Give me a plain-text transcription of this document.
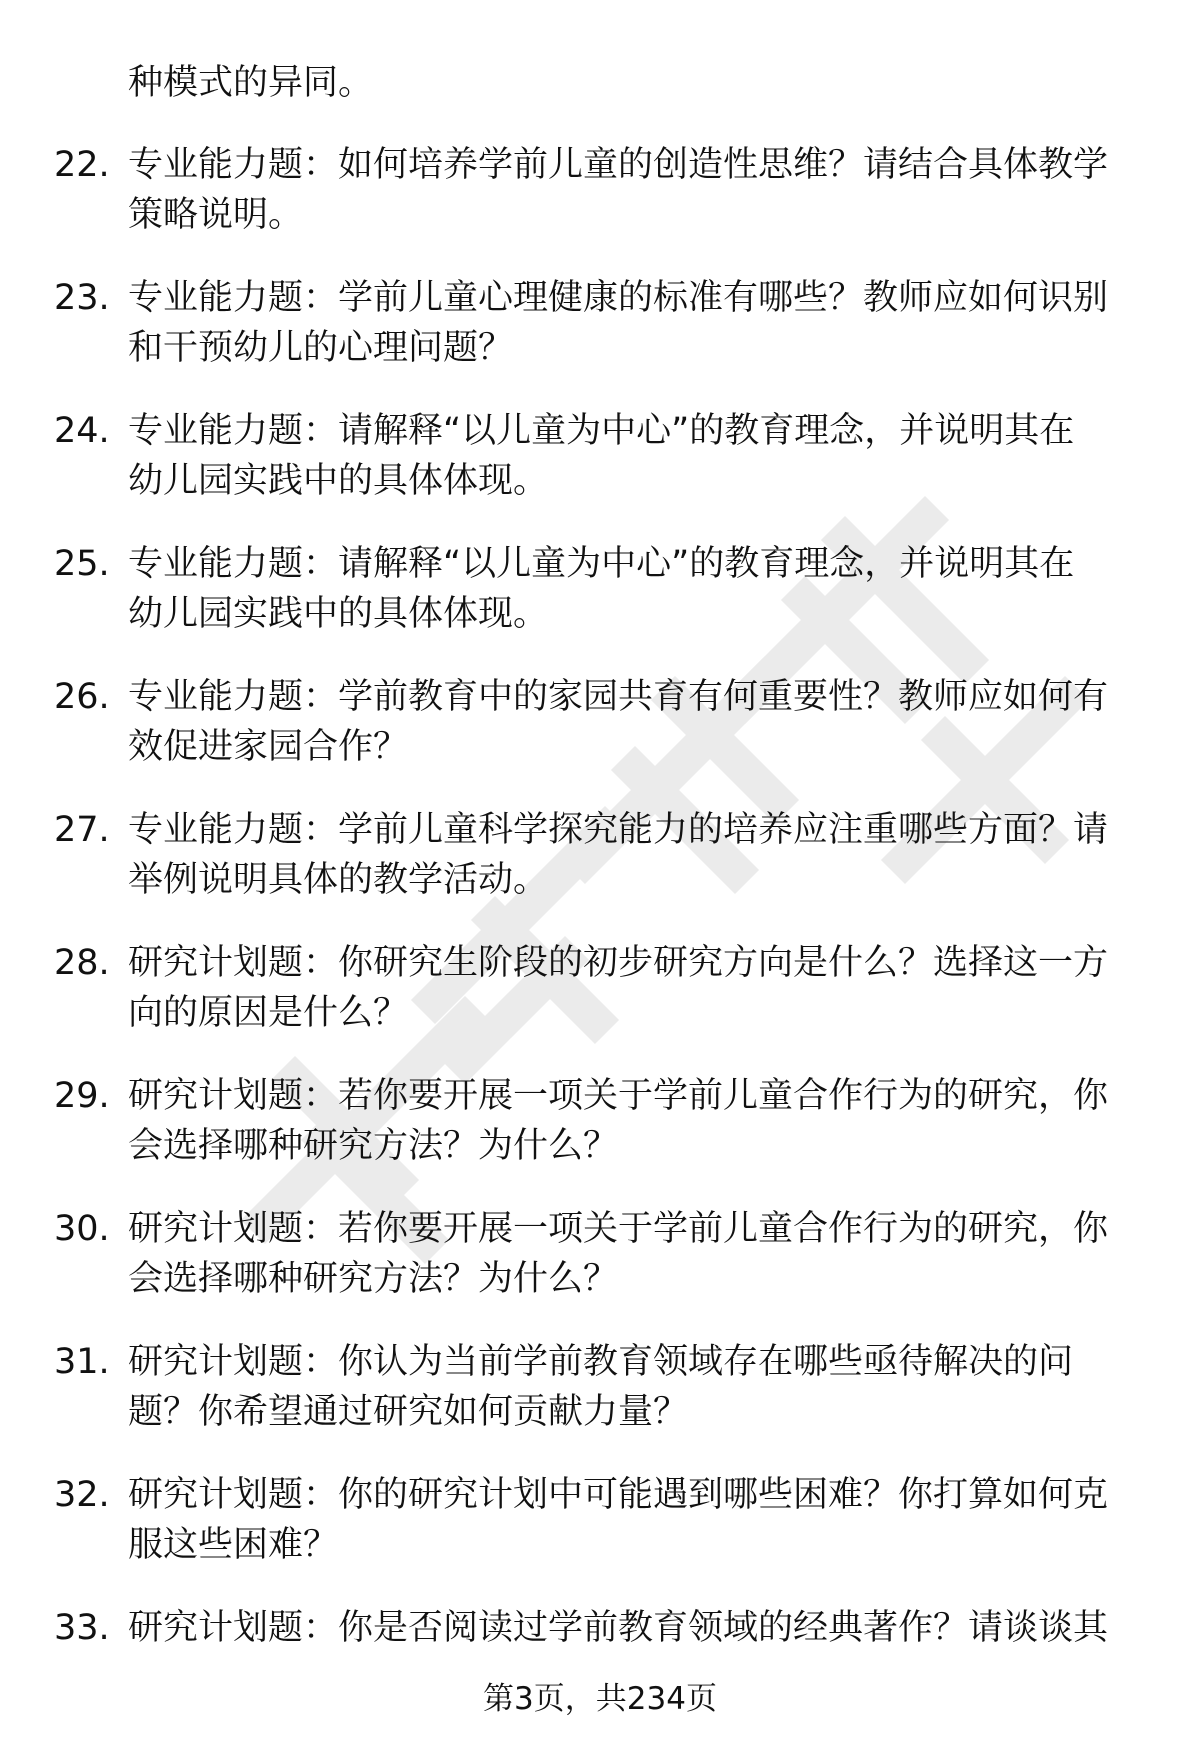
种模式的异同。
22. 专业能力题：如何培养学前儿童的创造性思维？请结合具体教学
策略说明。
23. 专业能力题：学前儿童心理健康的标准有哪些？教师应如何识别
和干预幼儿的心理问题？
24. 专业能力题：请解释“以儿童为中心”的教育理念，并说明其在
幼儿园实践中的具体体现。
25. 专业能力题：请解释“以儿童为中心”的教育理念，并说明其在
幼儿园实践中的具体体现。
26. 专业能力题：学前教育中的家园共育有何重要性？教师应如何有
效促进家园合作？
27. 专业能力题：学前儿童科学探究能力的培养应注重哪些方面？请
举例说明具体的教学活动。
28. 研究计划题：你研究生阶段的初步研究方向是什么？选择这一方
向的原因是什么？
29. 研究计划题：若你要开展一项关于学前儿童合作行为的研究，你
会选择哪种研究方法？为什么？
30. 研究计划题：若你要开展一项关于学前儿童合作行为的研究，你
会选择哪种研究方法？为什么？
31. 研究计划题：你认为当前学前教育领域存在哪些亟待解决的问
题？你希望通过研究如何贡献力量？
32. 研究计划题：你的研究计划中可能遇到哪些困难？你打算如何克
服这些困难？
33. 研究计划题：你是否阅读过学前教育领域的经典著作？请谈谈其
第3页，共234页
